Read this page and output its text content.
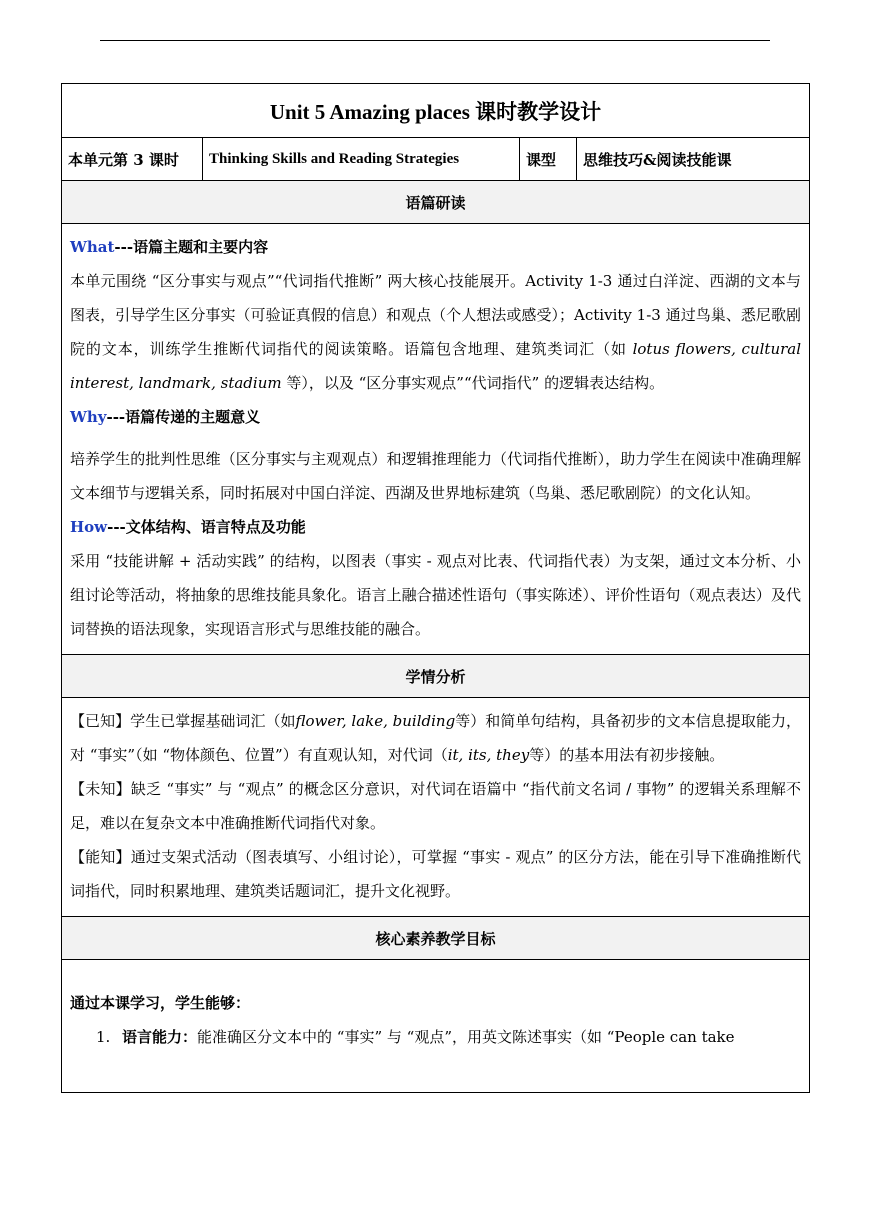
Unit 5 Amazing places 课时教学设计
本单元第 3 课时	Thinking Skills and Reading Strategies	课型	思维技巧&阅读技能课
语篇研读

What---语篇主题和主要内容

本单元围绕 “区分事实与观点”“代词指代推断” 两大核心技能展开。Activity 1-3 通过白洋淀、西湖的文本与图表，引导学生区分事实（可验证真假的信息）和观点（个人想法或感受）；Activity 1-3 通过鸟巢、悉尼歌剧院的文本，训练学生推断代词指代的阅读策略。语篇包含地理、建筑类词汇（如 lotus flowers, cultural interest, landmark, stadium 等），以及 “区分事实观点”“代词指代” 的逻辑表达结构。

Why---语篇传递的主题意义

培养学生的批判性思维（区分事实与主观观点）和逻辑推理能力（代词指代推断），助力学生在阅读中准确理解文本细节与逻辑关系，同时拓展对中国白洋淀、西湖及世界地标建筑（鸟巢、悉尼歌剧院）的文化认知。

How---文体结构、语言特点及功能

采用 “技能讲解 + 活动实践” 的结构，以图表（事实 - 观点对比表、代词指代表）为支架，通过文本分析、小组讨论等活动，将抽象的思维技能具象化。语言上融合描述性语句（事实陈述）、评价性语句（观点表达）及代词替换的语法现象，实现语言形式与思维技能的融合。

学情分析

【已知】学生已掌握基础词汇（如flower, lake, building等）和简单句结构，具备初步的文本信息提取能力，对 “事实”（如 “物体颜色、位置”）有直观认知，对代词（it, its, they等）的基本用法有初步接触。

【未知】缺乏 “事实” 与 “观点” 的概念区分意识，对代词在语篇中 “指代前文名词 / 事物” 的逻辑关系理解不足，难以在复杂文本中准确推断代词指代对象。

【能知】通过支架式活动（图表填写、小组讨论），可掌握 “事实 - 观点” 的区分方法，能在引导下准确推断代词指代，同时积累地理、建筑类话题词汇，提升文化视野。

核心素养教学目标

通过本课学习，学生能够：

1. 语言能力：能准确区分文本中的 “事实” 与 “观点”，用英文陈述事实（如 “People can take
